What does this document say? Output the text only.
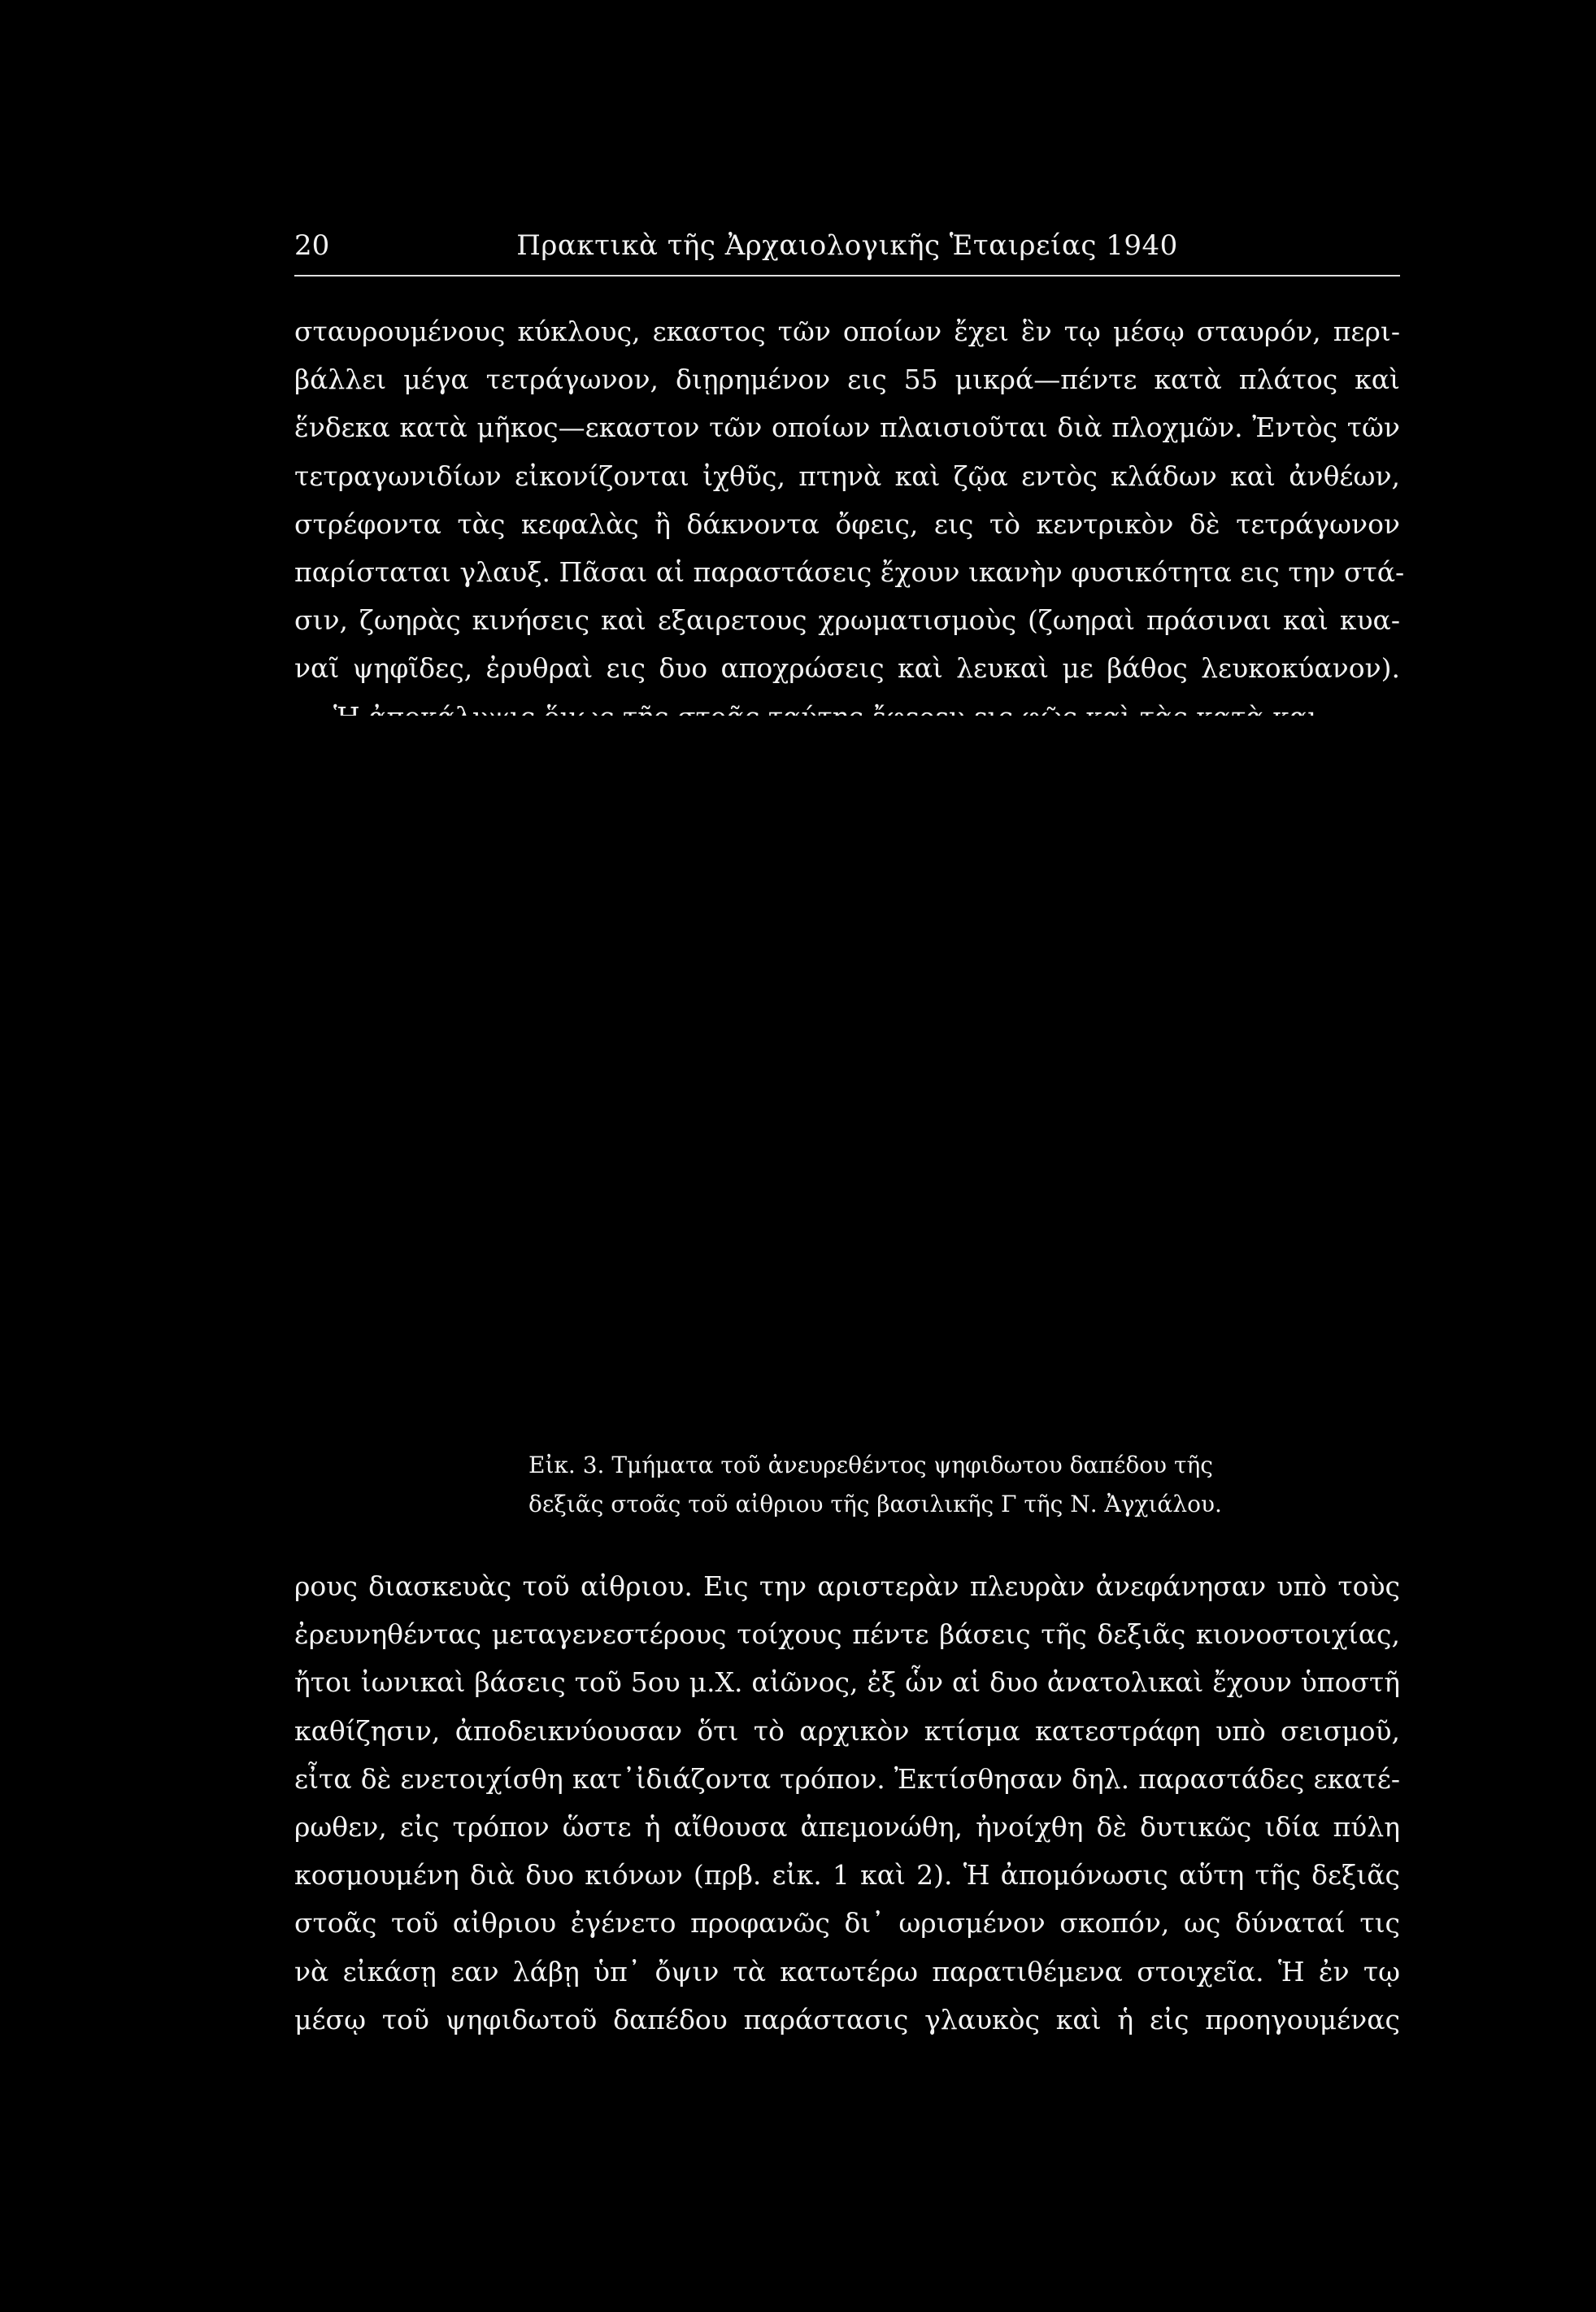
20	Πρακτικὰ τῆς Ἀρχαιολογικῆς Ἑταιρείας 1940

σταυρουμένους κύκλους, εκαστος τῶν οποίων ἔχει ἓν τῳ μέσῳ σταυρόν, περι-
βάλλει μέγα τετράγωνον, διῃρημένον εις 55 μικρά—πέντε κατὰ πλάτος καὶ
ἕνδεκα κατὰ μῆκος—εκαστον τῶν οποίων πλαισιοῦται διὰ πλοχμῶν. Ἐντὸς τῶν
τετραγωνιδίων εἰκονίζονται ἰχθῦς, πτηνὰ καὶ ζῷα εντὸς κλάδων καὶ ἀνθέων,
στρέφοντα τὰς κεφαλὰς ἢ δάκνοντα ὄφεις, εις τὸ κεντρικὸν δὲ τετράγωνον
παρίσταται γλαυξ. Πᾶσαι αἱ παραστάσεις ἔχουν ικανὴν φυσικότητα εις την στά-
σιν, ζωηρὰς κινήσεις καὶ εξαιρετους χρωματισμοὺς (ζωηραὶ πράσιναι καὶ κυα-
ναῖ ψηφῖδες, ἐρυθραὶ εις δυο αποχρώσεις καὶ λευκαὶ με βάθος λευκοκύανον).

Εἰκ. 3. Τμήματα τοῦ ἀνευρεθέντος ψηφιδωτου δαπέδου τῆς
δεξιᾶς στοᾶς τοῦ αἰθριου τῆς βασιλικῆς Γ τῆς Ν. Ἀγχιάλου.

ρους διασκευὰς τοῦ αἰθριου. Εις την αριστερὰν πλευρὰν ἀνεφάνησαν υπὸ τοὺς
ἐρευνηθέντας μεταγενεστέρους τοίχους πέντε βάσεις τῆς δεξιᾶς κιονοστοιχίας,
ἤτοι ἰωνικαὶ βάσεις τοῦ 5ου μ.Χ. αἰῶνος, ἐξ ὧν αἱ δυο ἀνατολικαὶ ἔχουν ὑποστῆ
καθίζησιν, ἀποδεικνύουσαν ὅτι τὸ αρχικὸν κτίσμα κατεστράφη υπὸ σεισμοῦ,
εἶτα δὲ ενετοιχίσθη κατ᾿ἰδιάζοντα τρόπον. Ἐκτίσθησαν δηλ. παραστάδες εκατέ-
ρωθεν, εἰς τρόπον ὥστε ἡ αἴθουσα ἀπεμονώθη, ἠνοίχθη δὲ δυτικῶς ιδία πύλη
κοσμουμένη διὰ δυο κιόνων (πρβ. εἰκ. 1 καὶ 2). Ἡ ἀπομόνωσις αὕτη τῆς δεξιᾶς
στοᾶς τοῦ αἰθριου ἐγένετο προφανῶς δι᾿ ωρισμένον σκοπόν, ως δύναταί τις
νὰ εἰκάσῃ εαν λάβῃ ὑπ᾿ ὄψιν τὰ κατωτέρω παρατιθέμενα στοιχεῖα. Ἡ ἐν τῳ
μέσῳ τοῦ ψηφιδωτοῦ δαπέδου παράστασις γλαυκὸς καὶ ἡ εἰς προηγουμένας
